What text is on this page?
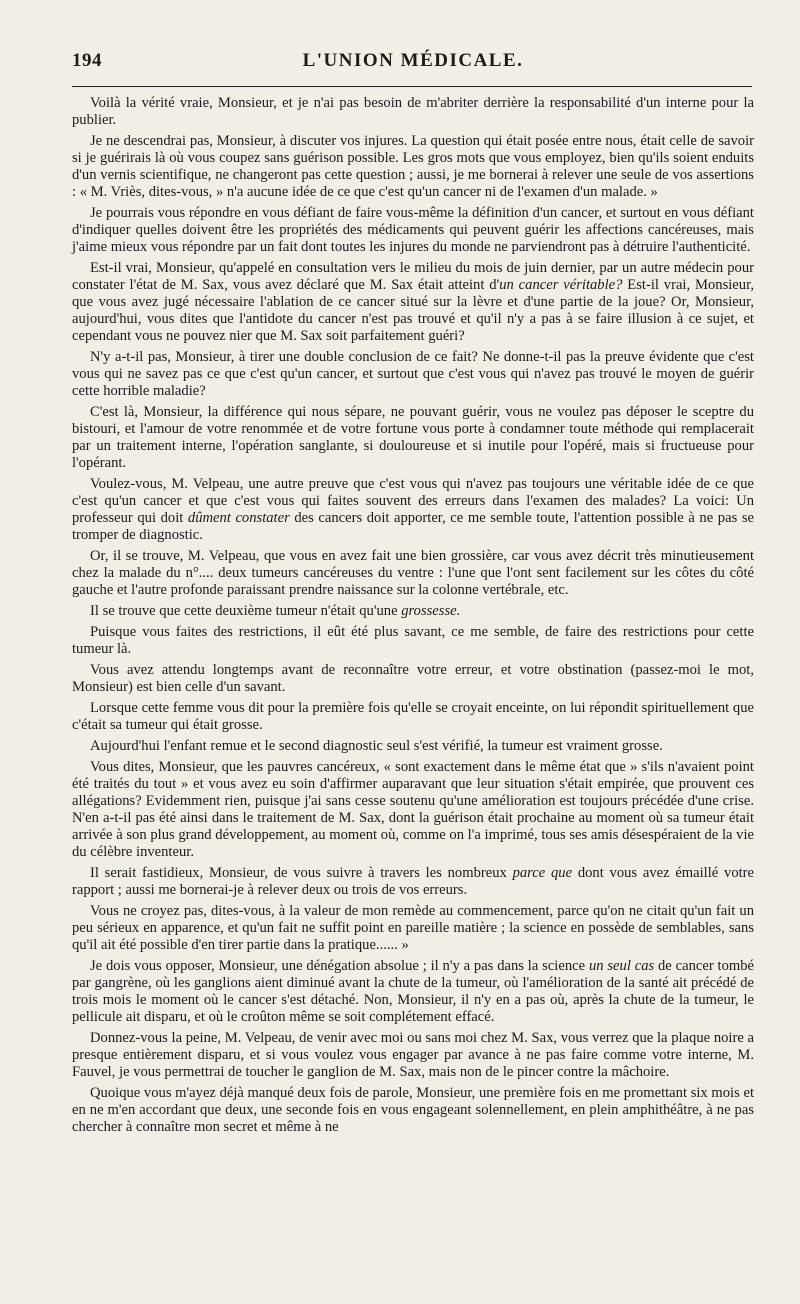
194	L'UNION MÉDICALE.

Voilà la vérité vraie, Monsieur, et je n'ai pas besoin de m'abriter derrière la responsabilité d'un interne pour la publier.

Je ne descendrai pas, Monsieur, à discuter vos injures. La question qui était posée entre nous, était celle de savoir si je guérirais là où vous coupez sans guérison possible. Les gros mots que vous employez, bien qu'ils soient enduits d'un vernis scientifique, ne changeront pas cette question ; aussi, je me bornerai à relever une seule de vos assertions : « M. Vriès, dites-vous, » n'a aucune idée de ce que c'est qu'un cancer ni de l'examen d'un malade. »

Je pourrais vous répondre en vous défiant de faire vous-même la définition d'un cancer, et surtout en vous défiant d'indiquer quelles doivent être les propriétés des médicaments qui peuvent guérir les affections cancéreuses, mais j'aime mieux vous répondre par un fait dont toutes les injures du monde ne parviendront pas à détruire l'authenticité.

Est-il vrai, Monsieur, qu'appelé en consultation vers le milieu du mois de juin dernier, par un autre médecin pour constater l'état de M. Sax, vous avez déclaré que M. Sax était atteint d'un cancer véritable? Est-il vrai, Monsieur, que vous avez jugé nécessaire l'ablation de ce cancer situé sur la lèvre et d'une partie de la joue? Or, Monsieur, aujourd'hui, vous dites que l'antidote du cancer n'est pas trouvé et qu'il n'y a pas à se faire illusion à ce sujet, et cependant vous ne pouvez nier que M. Sax soit parfaitement guéri?

N'y a-t-il pas, Monsieur, à tirer une double conclusion de ce fait? Ne donne-t-il pas la preuve évidente que c'est vous qui ne savez pas ce que c'est qu'un cancer, et surtout que c'est vous qui n'avez pas trouvé le moyen de guérir cette horrible maladie?

C'est là, Monsieur, la différence qui nous sépare, ne pouvant guérir, vous ne voulez pas déposer le sceptre du bistouri, et l'amour de votre renommée et de votre fortune vous porte à condamner toute méthode qui remplacerait par un traitement interne, l'opération sanglante, si douloureuse et si inutile pour l'opéré, mais si fructueuse pour l'opérant.

Voulez-vous, M. Velpeau, une autre preuve que c'est vous qui n'avez pas toujours une véritable idée de ce que c'est qu'un cancer et que c'est vous qui faites souvent des erreurs dans l'examen des malades? La voici: Un professeur qui doit dûment constater des cancers doit apporter, ce me semble toute, l'attention possible à ne pas se tromper de diagnostic.

Or, il se trouve, M. Velpeau, que vous en avez fait une bien grossière, car vous avez décrit très minutieusement chez la malade du n°.... deux tumeurs cancéreuses du ventre : l'une que l'ont sent facilement sur les côtes du côté gauche et l'autre profonde paraissant prendre naissance sur la colonne vertébrale, etc.

Il se trouve que cette deuxième tumeur n'était qu'une grossesse.

Puisque vous faites des restrictions, il eût été plus savant, ce me semble, de faire des restrictions pour cette tumeur là.

Vous avez attendu longtemps avant de reconnaître votre erreur, et votre obstination (passez-moi le mot, Monsieur) est bien celle d'un savant.

Lorsque cette femme vous dit pour la première fois qu'elle se croyait enceinte, on lui répondit spirituellement que c'était sa tumeur qui était grosse.

Aujourd'hui l'enfant remue et le second diagnostic seul s'est vérifié, la tumeur est vraiment grosse.

Vous dites, Monsieur, que les pauvres cancéreux, « sont exactement dans le même état que » s'ils n'avaient point été traités du tout » et vous avez eu soin d'affirmer auparavant que leur situation s'était empirée, que prouvent ces allégations? Evidemment rien, puisque j'ai sans cesse soutenu qu'une amélioration est toujours précédée d'une crise. N'en a-t-il pas été ainsi dans le traitement de M. Sax, dont la guérison était prochaine au moment où sa tumeur était arrivée à son plus grand développement, au moment où, comme on l'a imprimé, tous ses amis désespéraient de la vie du célèbre inventeur.

Il serait fastidieux, Monsieur, de vous suivre à travers les nombreux parce que dont vous avez émaillé votre rapport ; aussi me bornerai-je à relever deux ou trois de vos erreurs.

Vous ne croyez pas, dites-vous, à la valeur de mon remède au commencement, parce qu'on ne citait qu'un fait un peu sérieux en apparence, et qu'un fait ne suffit point en pareille matière ; la science en possède de semblables, sans qu'il ait été possible d'en tirer partie dans la pratique...... »

Je dois vous opposer, Monsieur, une dénégation absolue ; il n'y a pas dans la science un seul cas de cancer tombé par gangrène, où les ganglions aient diminué avant la chute de la tumeur, où l'amélioration de la santé ait précédé de trois mois le moment où le cancer s'est détaché. Non, Monsieur, il n'y en a pas où, après la chute de la tumeur, le pellicule ait disparu, et où le croûton même se soit complétement effacé.

Donnez-vous la peine, M. Velpeau, de venir avec moi ou sans moi chez M. Sax, vous verrez que la plaque noire a presque entièrement disparu, et si vous voulez vous engager par avance à ne pas faire comme votre interne, M. Fauvel, je vous permettrai de toucher le ganglion de M. Sax, mais non de le pincer contre la mâchoire.

Quoique vous m'ayez déjà manqué deux fois de parole, Monsieur, une première fois en me promettant six mois et en ne m'en accordant que deux, une seconde fois en vous engageant solennellement, en plein amphithéâtre, à ne pas chercher à connaître mon secret et même à ne
